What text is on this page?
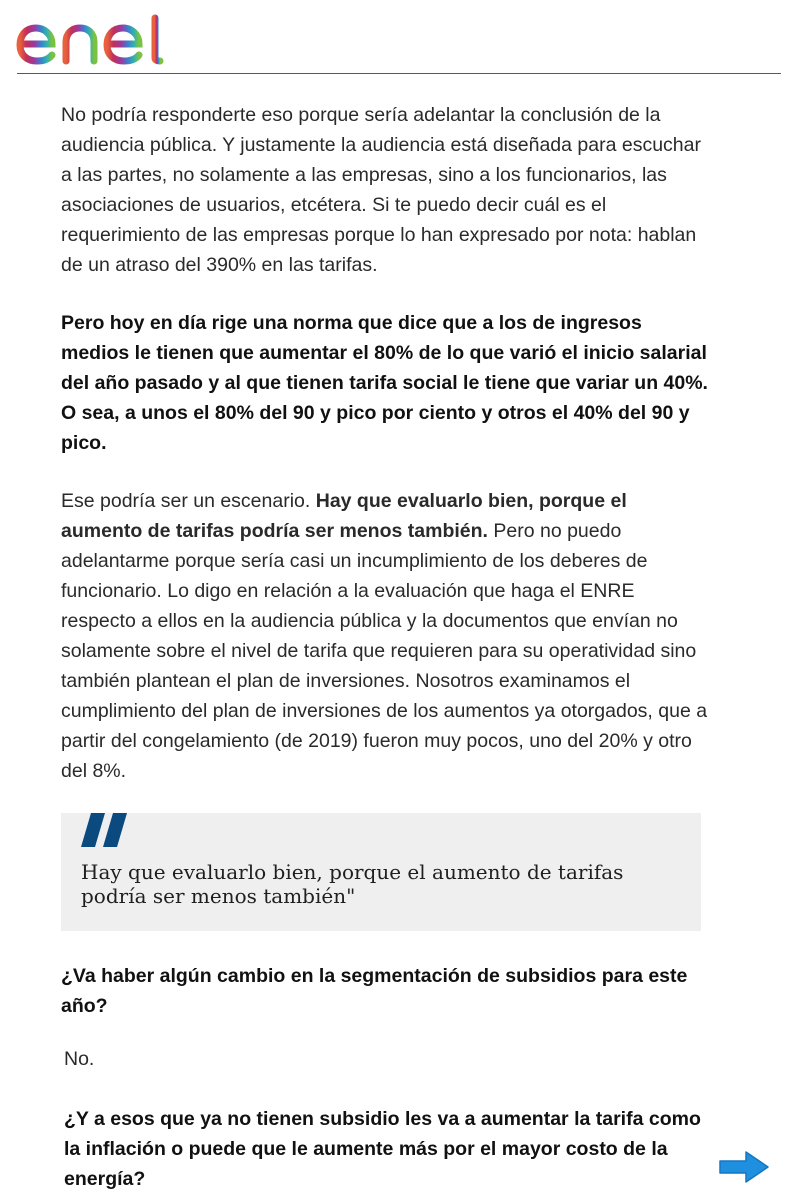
No podría responderte eso porque sería adelantar la conclusión de la audiencia pública. Y justamente la audiencia está diseñada para escuchar a las partes, no solamente a las empresas, sino a los funcionarios, las asociaciones de usuarios, etcétera. Si te puedo decir cuál es el requerimiento de las empresas porque lo han expresado por nota: hablan de un atraso del 390% en las tarifas.

Pero hoy en día rige una norma que dice que a los de ingresos medios le tienen que aumentar el 80% de lo que varió el inicio salarial del año pasado y al que tienen tarifa social le tiene que variar un 40%. O sea, a unos el 80% del 90 y pico por ciento y otros el 40% del 90 y pico.

Ese podría ser un escenario. Hay que evaluarlo bien, porque el aumento de tarifas podría ser menos también. Pero no puedo adelantarme porque sería casi un incumplimiento de los deberes de funcionario. Lo digo en relación a la evaluación que haga el ENRE respecto a ellos en la audiencia pública y la documentos que envían no solamente sobre el nivel de tarifa que requieren para su operatividad sino también plantean el plan de inversiones. Nosotros examinamos el cumplimiento del plan de inversiones de los aumentos ya otorgados, que a partir del congelamiento (de 2019) fueron muy pocos, uno del 20% y otro del 8%.

Hay que evaluarlo bien, porque el aumento de tarifas podría ser menos también"

¿Va haber algún cambio en la segmentación de subsidios para este año?

No.

¿Y a esos que ya no tienen subsidio les va a aumentar la tarifa como la inflación o puede que le aumente más por el mayor costo de la energía?
